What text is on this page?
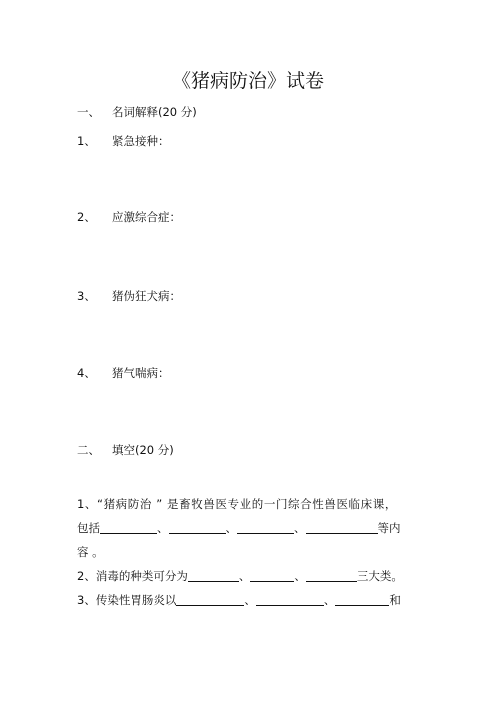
《猪病防治》试卷
一、 名词解释(20 分)
1、 紧急接种：
2、 应激综合症：
3、 猪伪狂犬病：
4、 猪气喘病：
二、 填空(20 分)
1、“猪病防治 ” 是畜牧兽医专业的一门综合性兽医临床课，
包括	、	、	、	等内
容 。
2、消毒的种类可分为	、	、	三大类。
3、传染性胃肠炎以	、	、	和
